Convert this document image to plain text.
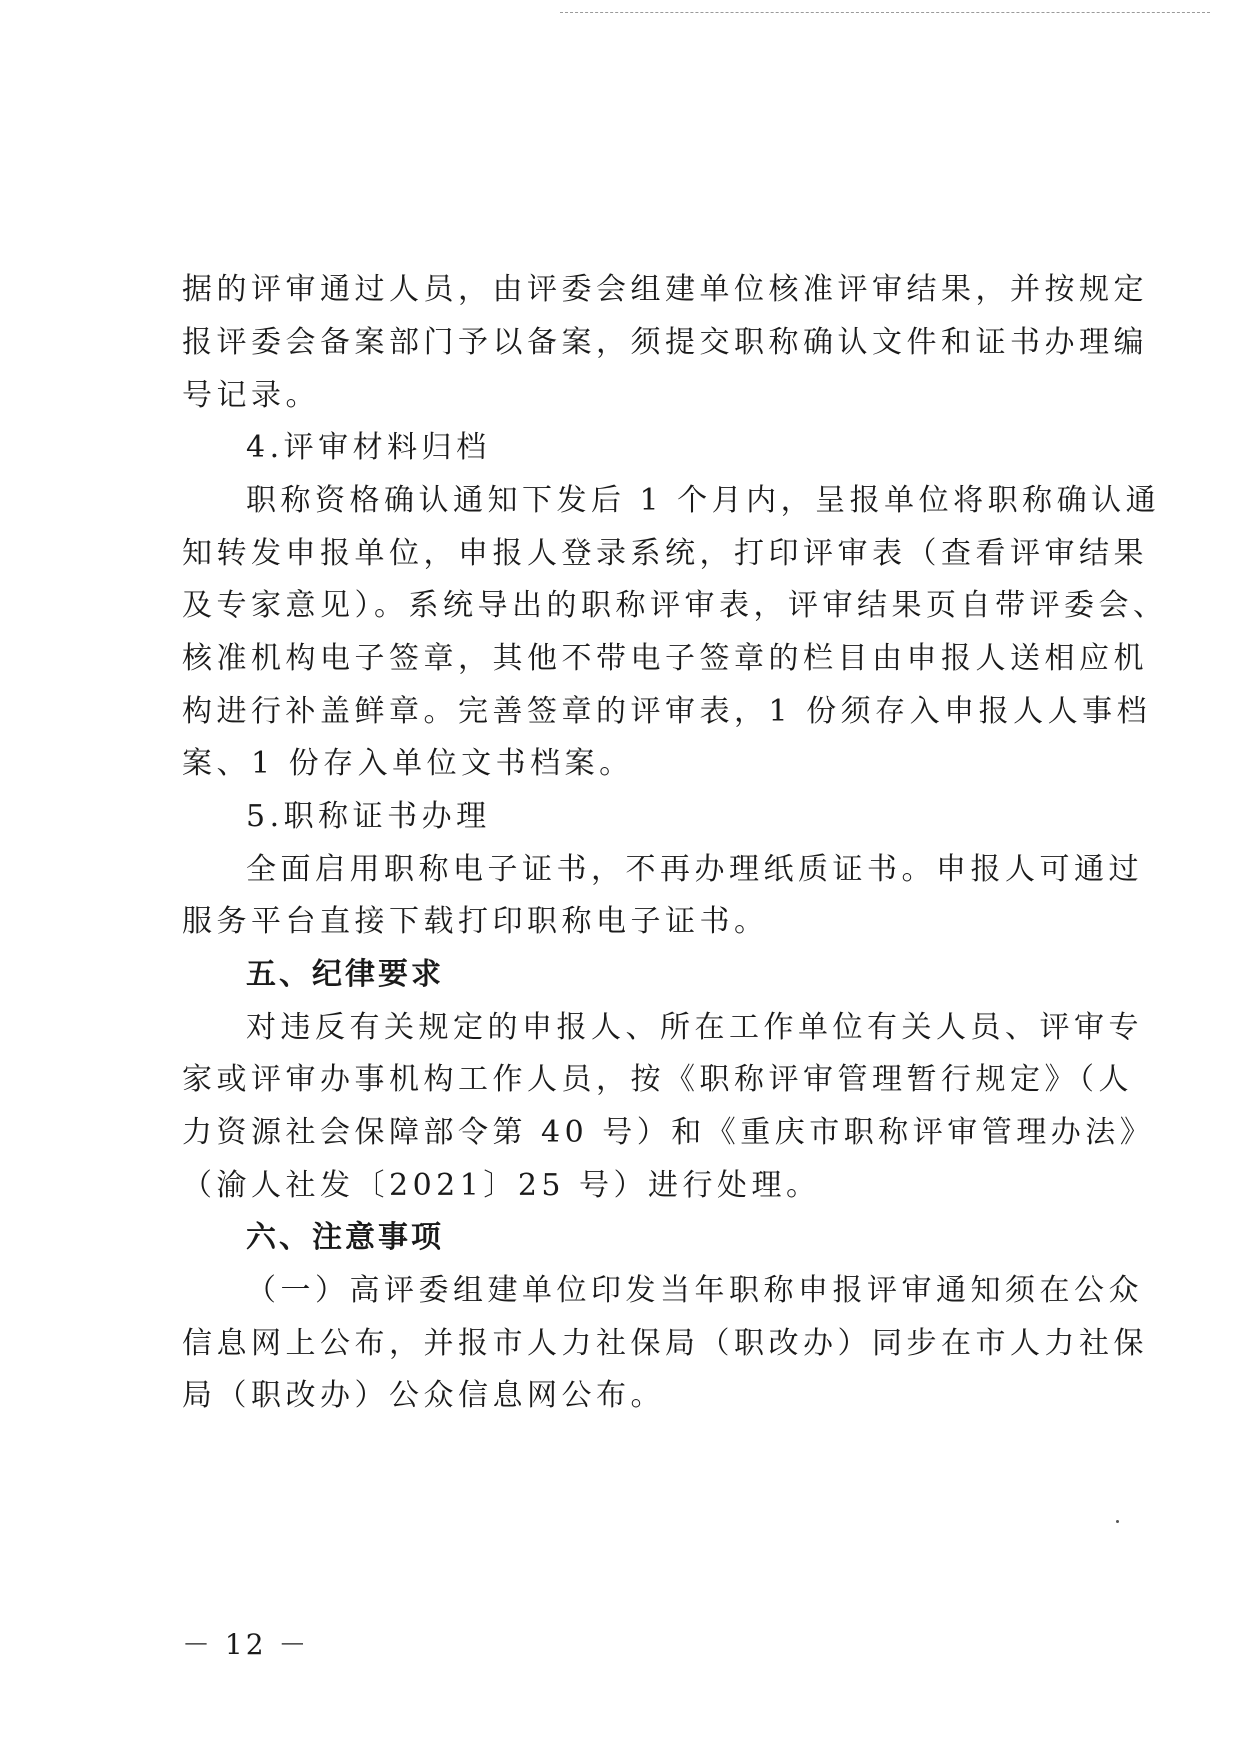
据的评审通过人员，由评委会组建单位核准评审结果，并按规定
报评委会备案部门予以备案，须提交职称确认文件和证书办理编
号记录。
4.评审材料归档
职称资格确认通知下发后 1 个月内，呈报单位将职称确认通
知转发申报单位，申报人登录系统，打印评审表（查看评审结果
及专家意见）。系统导出的职称评审表，评审结果页自带评委会、
核准机构电子签章，其他不带电子签章的栏目由申报人送相应机
构进行补盖鲜章。完善签章的评审表，1 份须存入申报人人事档
案、1 份存入单位文书档案。
5.职称证书办理
全面启用职称电子证书，不再办理纸质证书。申报人可通过
服务平台直接下载打印职称电子证书。
五、纪律要求
对违反有关规定的申报人、所在工作单位有关人员、评审专
家或评审办事机构工作人员，按《职称评审管理暂行规定》（人
力资源社会保障部令第 40 号）和《重庆市职称评审管理办法》
（渝人社发〔2021〕25 号）进行处理。
六、注意事项
（一）高评委组建单位印发当年职称申报评审通知须在公众
信息网上公布，并报市人力社保局（职改办）同步在市人力社保
局（职改办）公众信息网公布。
－ 12 －
